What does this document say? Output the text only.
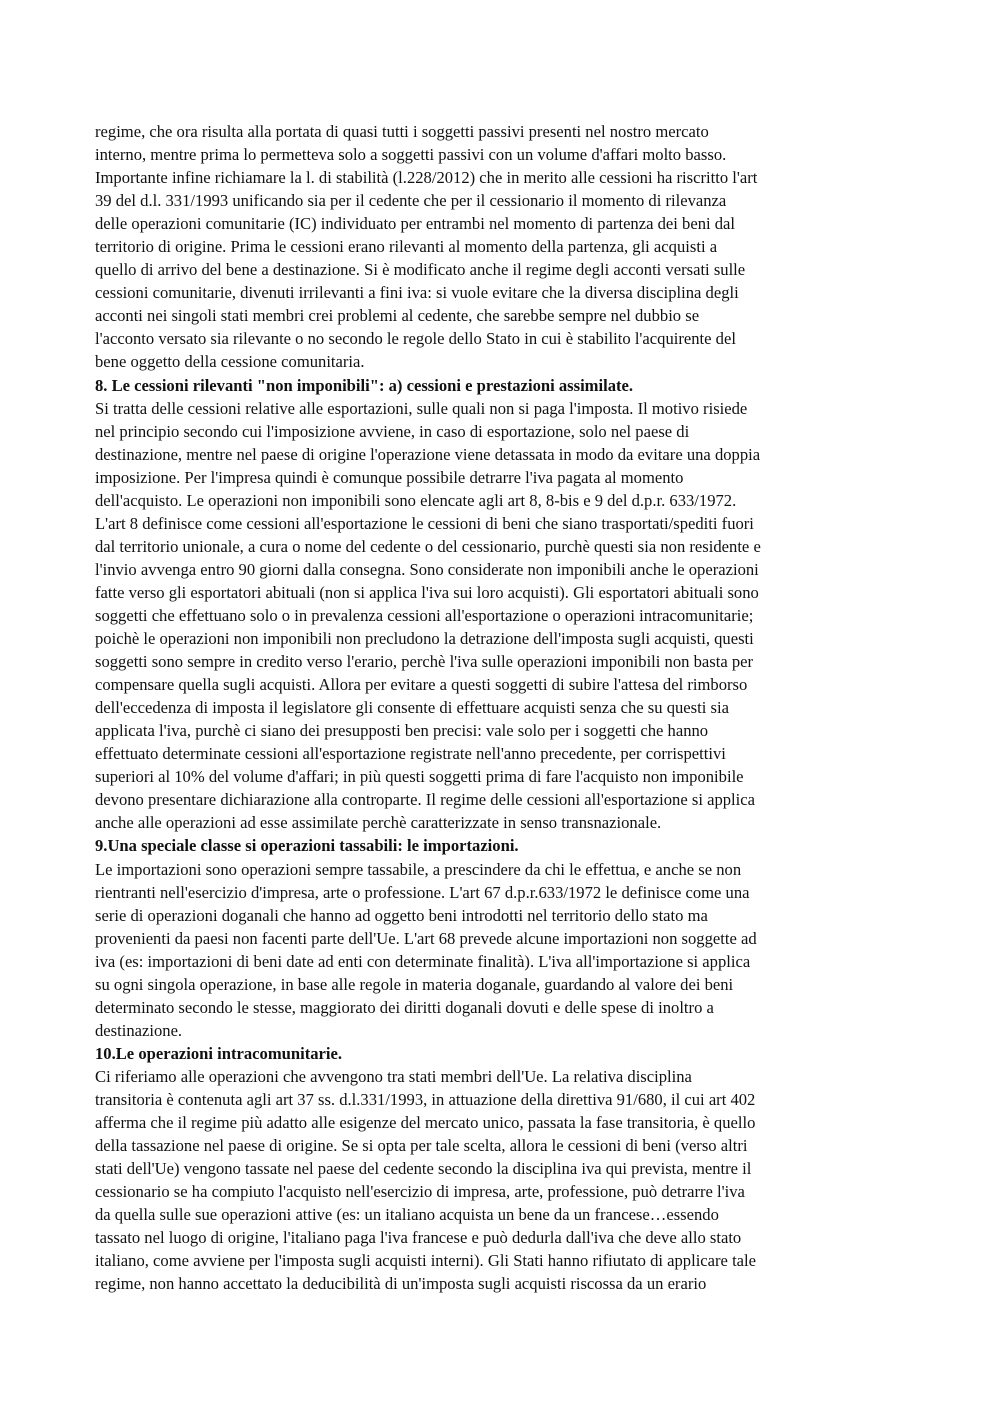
regime, che ora risulta alla portata di quasi tutti i soggetti passivi presenti nel nostro mercato
interno, mentre prima lo permetteva solo a soggetti passivi con un volume d'affari molto basso.
Importante infine richiamare la l. di stabilità (l.228/2012) che in merito alle cessioni ha riscritto l'art
39 del d.l. 331/1993 unificando sia per il cedente che per il cessionario il momento di rilevanza
delle operazioni comunitarie (IC) individuato per entrambi nel momento di partenza dei beni dal
territorio di origine. Prima le cessioni erano rilevanti al momento della partenza, gli acquisti a
quello di arrivo del bene a destinazione. Si è modificato anche il regime degli acconti versati sulle
cessioni comunitarie, divenuti irrilevanti a fini iva: si vuole evitare che la diversa disciplina degli
acconti nei singoli stati membri crei problemi al cedente, che sarebbe sempre nel dubbio se
l'acconto versato sia rilevante o no secondo le regole dello Stato in cui è stabilito l'acquirente del
bene oggetto della cessione comunitaria.
8. Le cessioni rilevanti "non imponibili": a) cessioni e prestazioni assimilate.
Si tratta delle cessioni relative alle esportazioni, sulle quali non si paga l'imposta. Il motivo risiede
nel principio secondo cui l'imposizione avviene, in caso di esportazione, solo nel paese di
destinazione, mentre nel paese di origine l'operazione viene detassata in modo da evitare una doppia
imposizione. Per l'impresa quindi è comunque possibile detrarre l'iva pagata al momento
dell'acquisto. Le operazioni non imponibili sono elencate agli art 8, 8-bis e 9 del d.p.r. 633/1972.
L'art 8 definisce come cessioni all'esportazione le cessioni di beni che siano trasportati/spediti fuori
dal territorio unionale, a cura o nome del cedente o del cessionario, purchè questi sia non residente e
l'invio avvenga entro 90 giorni dalla consegna. Sono considerate non imponibili anche le operazioni
fatte verso gli esportatori abituali (non si applica l'iva sui loro acquisti). Gli esportatori abituali sono
soggetti che effettuano solo o in prevalenza cessioni all'esportazione o operazioni intracomunitarie;
poichè le operazioni non imponibili non precludono la detrazione dell'imposta sugli acquisti, questi
soggetti sono sempre in credito verso l'erario, perchè l'iva sulle operazioni imponibili non basta per
compensare quella sugli acquisti. Allora per evitare a questi soggetti di subire l'attesa del rimborso
dell'eccedenza di imposta il legislatore gli consente di effettuare acquisti senza che su questi sia
applicata l'iva, purchè ci siano dei presupposti ben precisi: vale solo per i soggetti che hanno
effettuato determinate cessioni all'esportazione registrate nell'anno precedente, per corrispettivi
superiori al 10% del volume d'affari; in più questi soggetti prima di fare l'acquisto non imponibile
devono presentare dichiarazione alla controparte. Il regime delle cessioni all'esportazione si applica
anche alle operazioni ad esse assimilate perchè caratterizzate in senso transnazionale.
9.Una speciale classe si operazioni tassabili: le importazioni.
Le importazioni sono operazioni sempre tassabile, a prescindere da chi le effettua, e anche se non
rientranti nell'esercizio d'impresa, arte o professione. L'art 67 d.p.r.633/1972 le definisce come una
serie di operazioni doganali che hanno ad oggetto beni introdotti nel territorio dello stato ma
provenienti da paesi non facenti parte dell'Ue. L'art 68 prevede alcune importazioni non soggette ad
iva (es: importazioni di beni date ad enti con determinate finalità). L'iva all'importazione si applica
su ogni singola operazione, in base alle regole in materia doganale, guardando al valore dei beni
determinato secondo le stesse, maggiorato dei diritti doganali dovuti e delle spese di inoltro a
destinazione.
10.Le operazioni intracomunitarie.
Ci riferiamo alle operazioni che avvengono tra stati membri dell'Ue. La relativa disciplina
transitoria è contenuta agli art 37 ss. d.l.331/1993, in attuazione della direttiva 91/680, il cui art 402
afferma che il regime più adatto alle esigenze del mercato unico, passata la fase transitoria, è quello
della tassazione nel paese di origine. Se si opta per tale scelta, allora le cessioni di beni (verso altri
stati dell'Ue) vengono tassate nel paese del cedente secondo la disciplina iva qui prevista, mentre il
cessionario se ha compiuto l'acquisto nell'esercizio di impresa, arte, professione, può detrarre l'iva
da quella sulle sue operazioni attive (es: un italiano acquista un bene da un francese…essendo
tassato nel luogo di origine, l'italiano paga l'iva francese e può dedurla dall'iva che deve allo stato
italiano, come avviene per l'imposta sugli acquisti interni). Gli Stati hanno rifiutato di applicare tale
regime, non hanno accettato la deducibilità di un'imposta sugli acquisti riscossa da un erario
